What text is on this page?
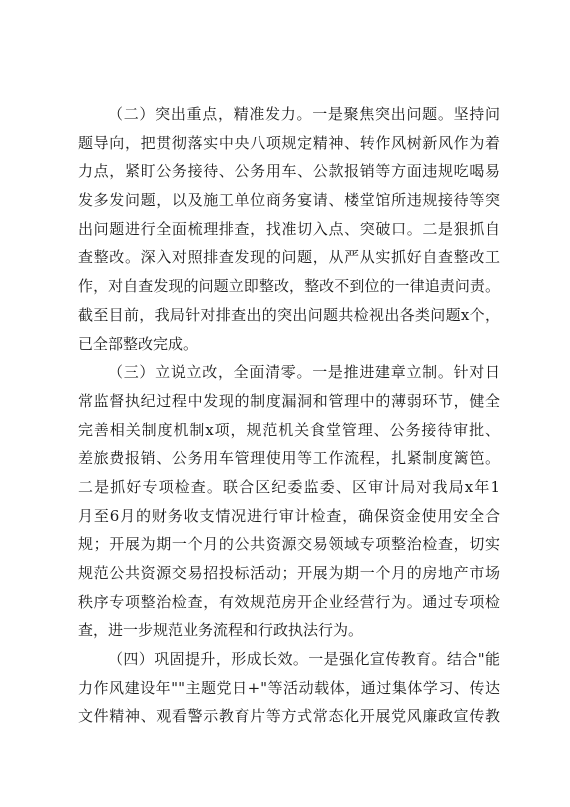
（二）突出重点，精准发力。一是聚焦突出问题。坚持问
题导向，把贯彻落实中央八项规定精神、转作风树新风作为着
力点，紧盯公务接待、公务用车、公款报销等方面违规吃喝易
发多发问题，以及施工单位商务宴请、楼堂馆所违规接待等突
出问题进行全面梳理排查，找准切入点、突破口。二是狠抓自
查整改。深入对照排查发现的问题，从严从实抓好自查整改工
作，对自查发现的问题立即整改，整改不到位的一律追责问责。
截至目前，我局针对排查出的突出问题共检视出各类问题x个，
已全部整改完成。
（三）立说立改，全面清零。一是推进建章立制。针对日
常监督执纪过程中发现的制度漏洞和管理中的薄弱环节，健全
完善相关制度机制x项，规范机关食堂管理、公务接待审批、
差旅费报销、公务用车管理使用等工作流程，扎紧制度篱笆。
二是抓好专项检查。联合区纪委监委、区审计局对我局x年1
月至6月的财务收支情况进行审计检查，确保资金使用安全合
规；开展为期一个月的公共资源交易领域专项整治检查，切实
规范公共资源交易招投标活动；开展为期一个月的房地产市场
秩序专项整治检查，有效规范房开企业经营行为。通过专项检
查，进一步规范业务流程和行政执法行为。
（四）巩固提升，形成长效。一是强化宣传教育。结合"能
力作风建设年""主题党日+"等活动载体，通过集体学习、传达
文件精神、观看警示教育片等方式常态化开展党风廉政宣传教
